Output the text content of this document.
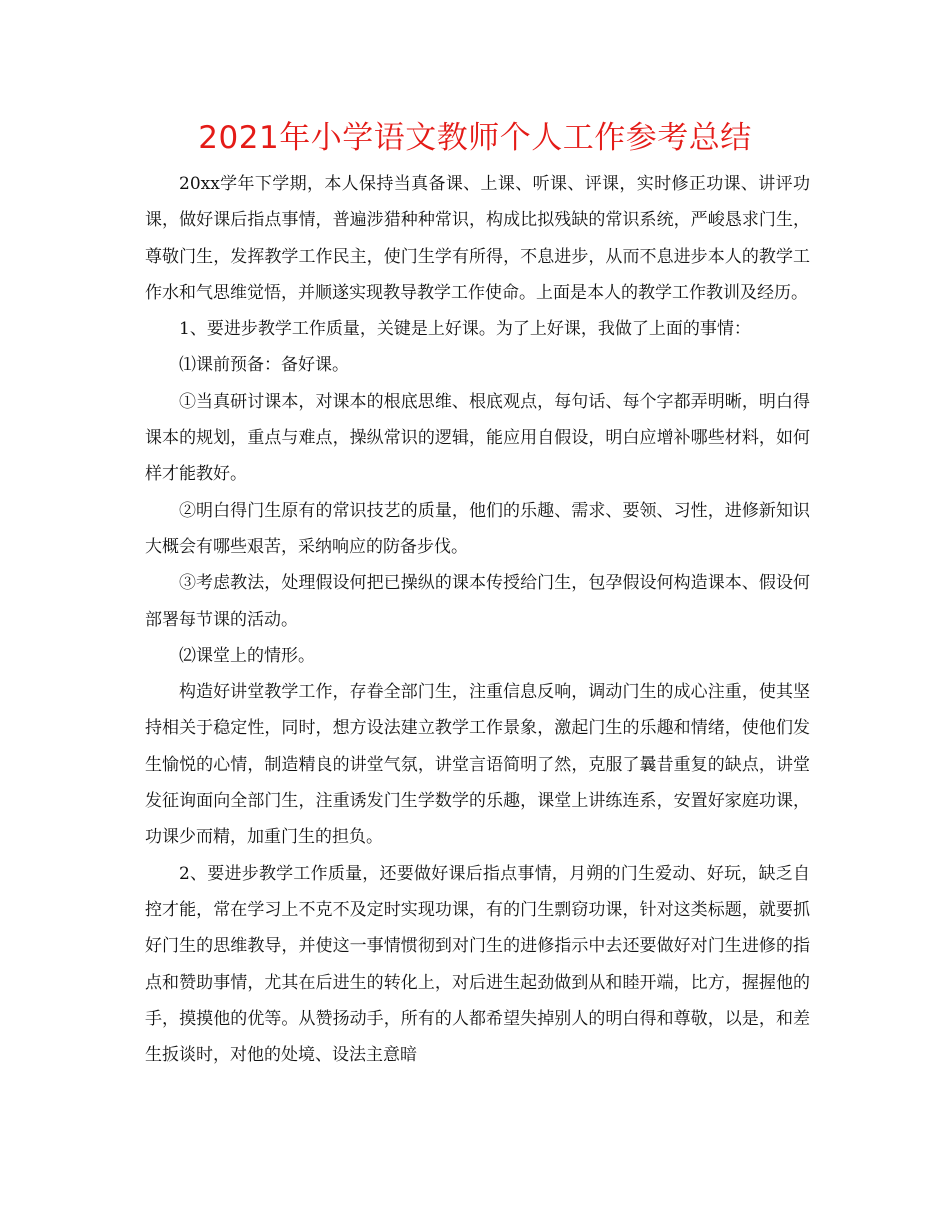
2021年小学语文教师个人工作参考总结

20xx学年下学期，本人保持当真备课、上课、听课、评课，实时修正功课、讲评功课，做好课后指点事情，普遍涉猎种种常识，构成比拟残缺的常识系统，严峻恳求门生，尊敬门生，发挥教学工作民主，使门生学有所得，不息进步，从而不息进步本人的教学工作水和气思维觉悟，并顺遂实现教导教学工作使命。上面是本人的教学工作教训及经历。

1、要进步教学工作质量，关键是上好课。为了上好课，我做了上面的事情：

⑴课前预备：备好课。

①当真研讨课本，对课本的根底思维、根底观点，每句话、每个字都弄明晰，明白得课本的规划，重点与难点，操纵常识的逻辑，能应用自假设，明白应增补哪些材料，如何样才能教好。

②明白得门生原有的常识技艺的质量，他们的乐趣、需求、要领、习性，进修新知识大概会有哪些艰苦，采纳响应的防备步伐。

③考虑教法，处理假设何把已操纵的课本传授给门生，包孕假设何构造课本、假设何部署每节课的活动。

⑵课堂上的情形。

构造好讲堂教学工作，存眷全部门生，注重信息反响，调动门生的成心注重，使其坚持相关于稳定性，同时，想方设法建立教学工作景象，激起门生的乐趣和情绪，使他们发生愉悦的心情，制造精良的讲堂气氛，讲堂言语简明了然，克服了曩昔重复的缺点，讲堂发征询面向全部门生，注重诱发门生学数学的乐趣，课堂上讲练连系，安置好家庭功课，功课少而精，加重门生的担负。

2、要进步教学工作质量，还要做好课后指点事情，月朔的门生爱动、好玩，缺乏自控才能，常在学习上不克不及定时实现功课，有的门生剽窃功课，针对这类标题，就要抓好门生的思维教导，并使这一事情惯彻到对门生的进修指示中去还要做好对门生进修的指点和赞助事情，尤其在后进生的转化上，对后进生起劲做到从和睦开端，比方，握握他的手，摸摸他的优等。从赞扬动手，所有的人都希望失掉别人的明白得和尊敬，以是，和差生扳谈时，对他的处境、设法主意暗
